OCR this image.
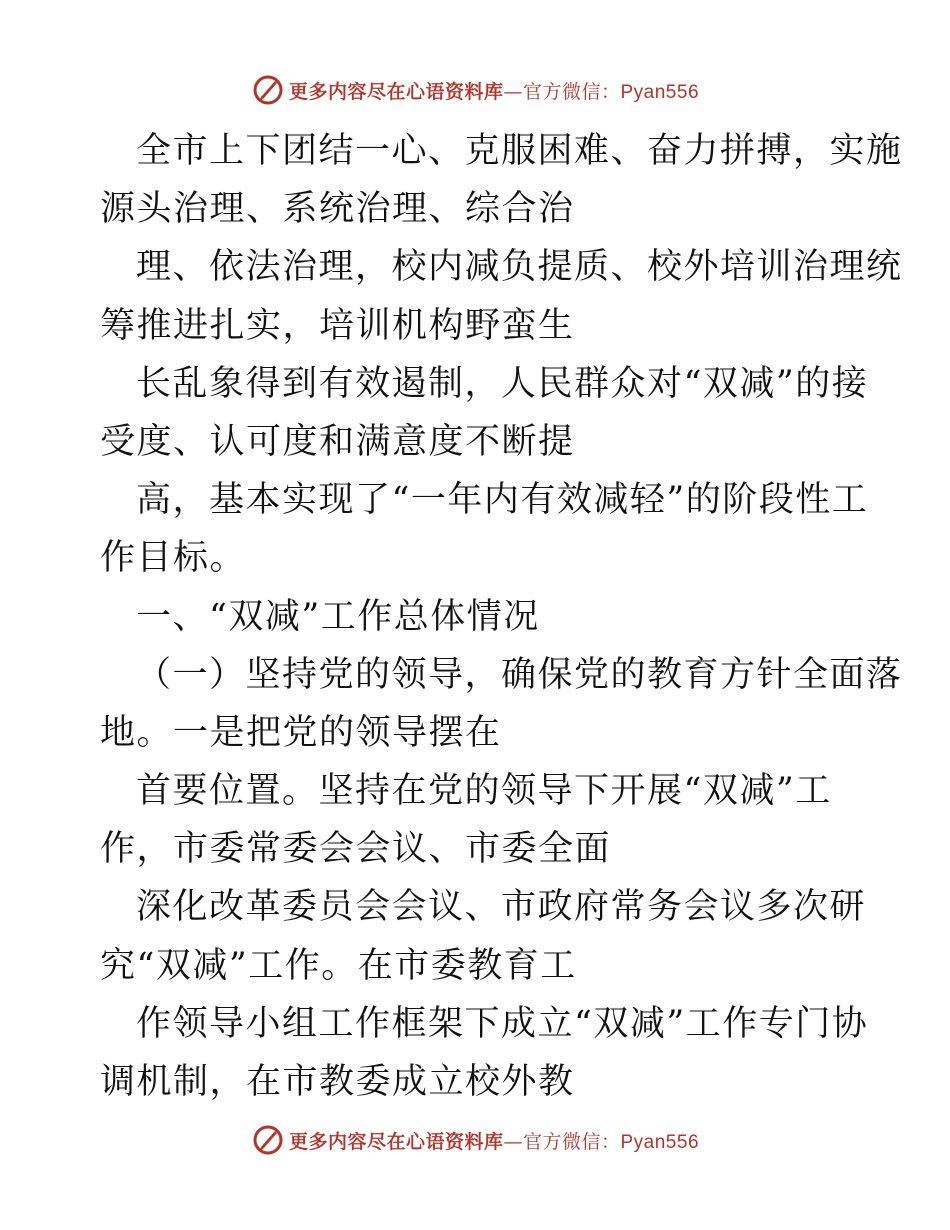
更多内容尽在心语资料库—官方微信：Pyan556
全市上下团结一心、克服困难、奋力拼搏，实施
源头治理、系统治理、综合治
理、依法治理，校内减负提质、校外培训治理统
筹推进扎实，培训机构野蛮生
长乱象得到有效遏制，人民群众对“双减”的接
受度、认可度和满意度不断提
高，基本实现了“一年内有效减轻”的阶段性工
作目标。
一、“双减”工作总体情况
（一）坚持党的领导，确保党的教育方针全面落
地。一是把党的领导摆在
首要位置。坚持在党的领导下开展“双减”工
作，市委常委会会议、市委全面
深化改革委员会会议、市政府常务会议多次研
究“双减”工作。在市委教育工
作领导小组工作框架下成立“双减”工作专门协
调机制，在市教委成立校外教
更多内容尽在心语资料库—官方微信：Pyan556
